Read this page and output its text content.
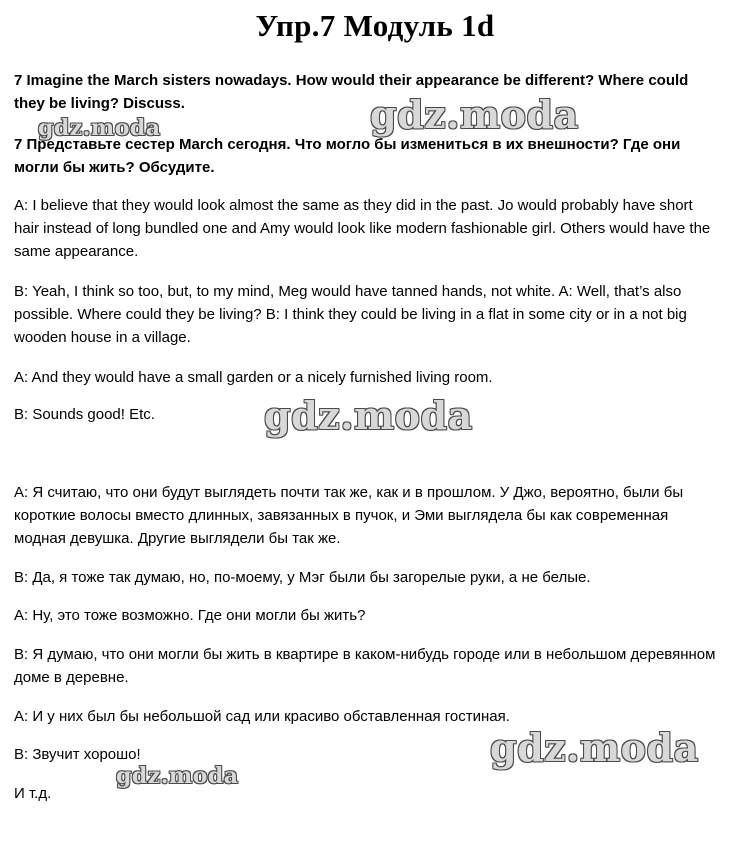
Упр.7 Модуль 1d

7 Imagine the March sisters nowadays. How would their appearance be different? Where could they be living? Discuss.

7 Представьте сестер March сегодня. Что могло бы измениться в их внешности? Где они могли бы жить? Обсудите.

A: I believe that they would look almost the same as they did in the past. Jo would probably have short hair instead of long bundled one and Amy would look like modern fashionable girl. Others would have the same appearance.

B: Yeah, I think so too, but, to my mind, Meg would have tanned hands, not white. A: Well, that’s also possible. Where could they be living? B: I think they could be living in a flat in some city or in a not big wooden house in a village.

A: And they would have a small garden or a nicely furnished living room.

B: Sounds good! Etc.

А: Я считаю, что они будут выглядеть почти так же, как и в прошлом. У Джо, вероятно, были бы короткие волосы вместо длинных, завязанных в пучок, и Эми выглядела бы как современная модная девушка. Другие выглядели бы так же.

В: Да, я тоже так думаю, но, по-моему, у Мэг были бы загорелые руки, а не белые.

А: Ну, это тоже возможно. Где они могли бы жить?

В: Я думаю, что они могли бы жить в квартире в каком-нибудь городе или в небольшом деревянном доме в деревне.

А: И у них был бы небольшой сад или красиво обставленная гостиная.

В: Звучит хорошо!

И т.д.

gdz.moda
gdz.moda
gdz.moda
gdz.moda
gdz.moda
